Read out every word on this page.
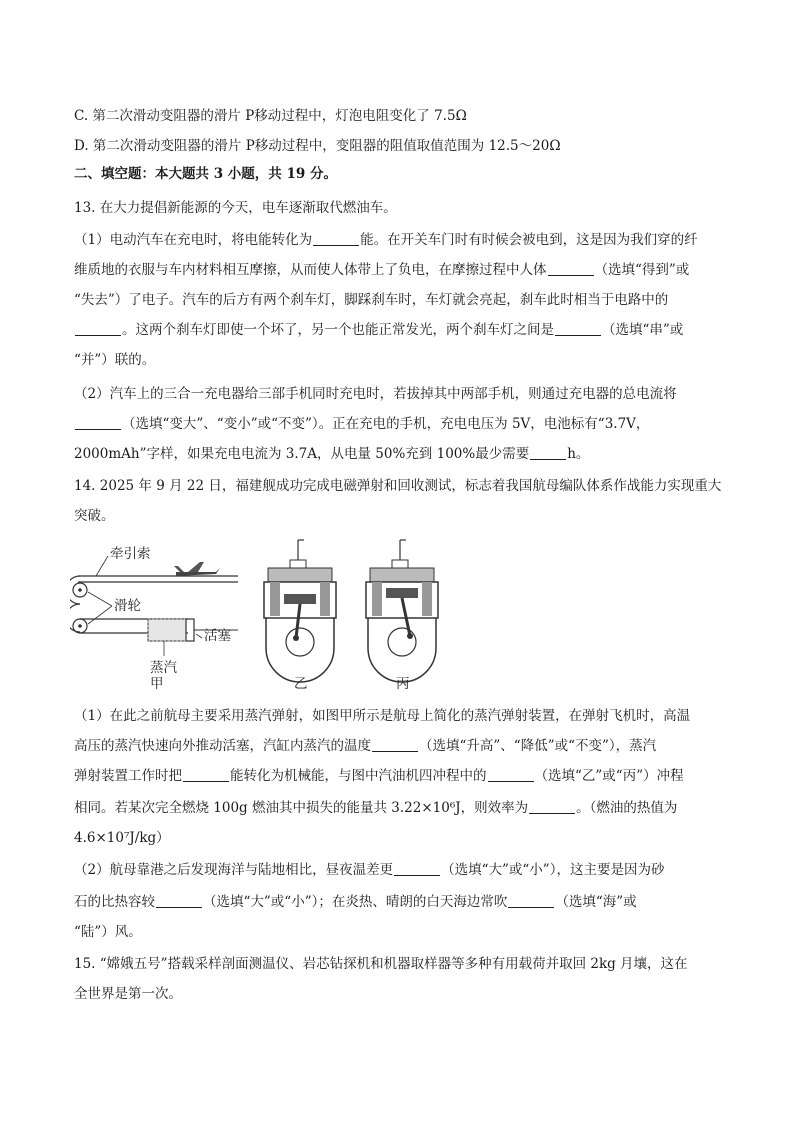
C. 第二次滑动变阻器的滑片 P移动过程中，灯泡电阻变化了 7.5Ω
D. 第二次滑动变阻器的滑片 P移动过程中，变阻器的阻值取值范围为 12.5～20Ω
二、填空题：本大题共 3 小题，共 19 分。
13. 在大力提倡新能源的今天，电车逐渐取代燃油车。
（1）电动汽车在充电时，将电能转化为	能。在开关车门时有时候会被电到，这是因为我们穿的纤
维质地的衣服与车内材料相互摩擦，从而使人体带上了负电，在摩擦过程中人体	（选填“得到”或
“失去”）了电子。汽车的后方有两个刹车灯，脚踩刹车时，车灯就会亮起，刹车此时相当于电路中的
。这两个刹车灯即使一个坏了，另一个也能正常发光，两个刹车灯之间是	（选填“串”或
“并”）联的。
（2）汽车上的三合一充电器给三部手机同时充电时，若拔掉其中两部手机，则通过充电器的总电流将
（选填“变大”、“变小”或“不变”）。正在充电的手机，充电电压为 5V，电池标有“3.7V，
2000mAh”字样，如果充电电流为 3.7A，从电量 50%充到 100%最少需要	h。
14. 2025 年 9 月 22 日，福建舰成功完成电磁弹射和回收测试，标志着我国航母编队体系作战能力实现重大
突破。
牵引索
滑轮
活塞
蒸汽
甲	乙	丙
（1）在此之前航母主要采用蒸汽弹射，如图甲所示是航母上简化的蒸汽弹射装置，在弹射飞机时，高温
高压的蒸汽快速向外推动活塞，汽缸内蒸汽的温度	（选填“升高”、“降低”或“不变”），蒸汽
弹射装置工作时把	能转化为机械能，与图中汽油机四冲程中的	（选填“乙”或“丙”）冲程
相同。若某次完全燃烧 100g 燃油其中损失的能量共 3.22×10⁶J，则效率为	。（燃油的热值为
4.6×10⁷J/kg）
（2）航母靠港之后发现海洋与陆地相比，昼夜温差更	（选填“大”或“小”），这主要是因为砂
石的比热容较	（选填“大”或“小”）；在炎热、晴朗的白天海边常吹	（选填“海”或
“陆”）风。
15. “嫦娥五号”搭载采样剖面测温仪、岩芯钻探机和机器取样器等多种有用载荷并取回 2kg 月壤，这在
全世界是第一次。
